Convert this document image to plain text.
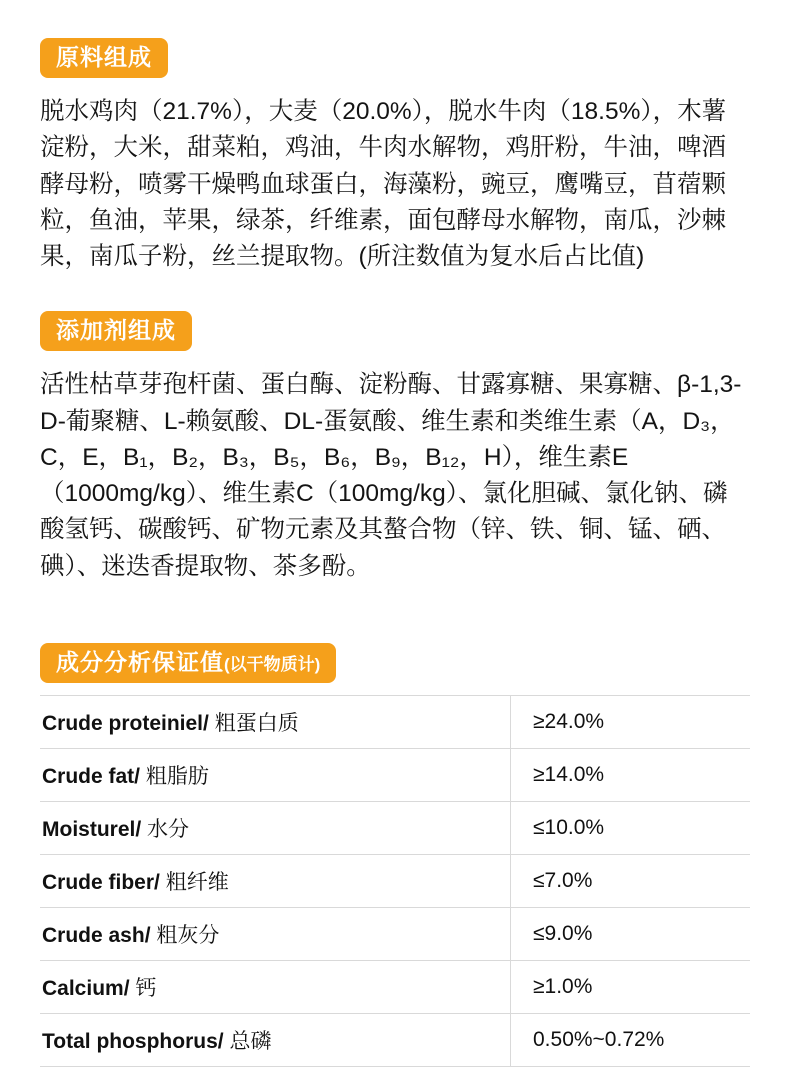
原料组成
脱水鸡肉（21.7%），大麦（20.0%），脱水牛肉（18.5%），木薯淀粉，大米，甜菜粕，鸡油，牛肉水解物，鸡肝粉，牛油，啤酒酵母粉，喷雾干燥鸭血球蛋白，海藻粉，豌豆，鹰嘴豆，苜蓿颗粒，鱼油，苹果，绿茶，纤维素，面包酵母水解物，南瓜，沙棘果，南瓜子粉，丝兰提取物。(所注数值为复水后占比值)
添加剂组成
活性枯草芽孢杆菌、蛋白酶、淀粉酶、甘露寡糖、果寡糖、β-1,3-D-葡聚糖、L-赖氨酸、DL-蛋氨酸、维生素和类维生素（A，D₃，C，E，B₁，B₂，B₃，B₅，B₆，B₉，B₁₂，H），维生素E（1000mg/kg）、维生素C（100mg/kg）、氯化胆碱、氯化钠、磷酸氢钙、碳酸钙、矿物元素及其螯合物（锌、铁、铜、锰、硒、碘）、迷迭香提取物、茶多酚。
成分分析保证值(以干物质计)
Crude proteiniel/ 粗蛋白质	≥24.0%
Crude fat/ 粗脂肪	≥14.0%
Moisturel/ 水分	≤10.0%
Crude fiber/ 粗纤维	≤7.0%
Crude ash/ 粗灰分	≤9.0%
Calcium/ 钙	≥1.0%
Total phosphorus/ 总磷	0.50%~0.72%
